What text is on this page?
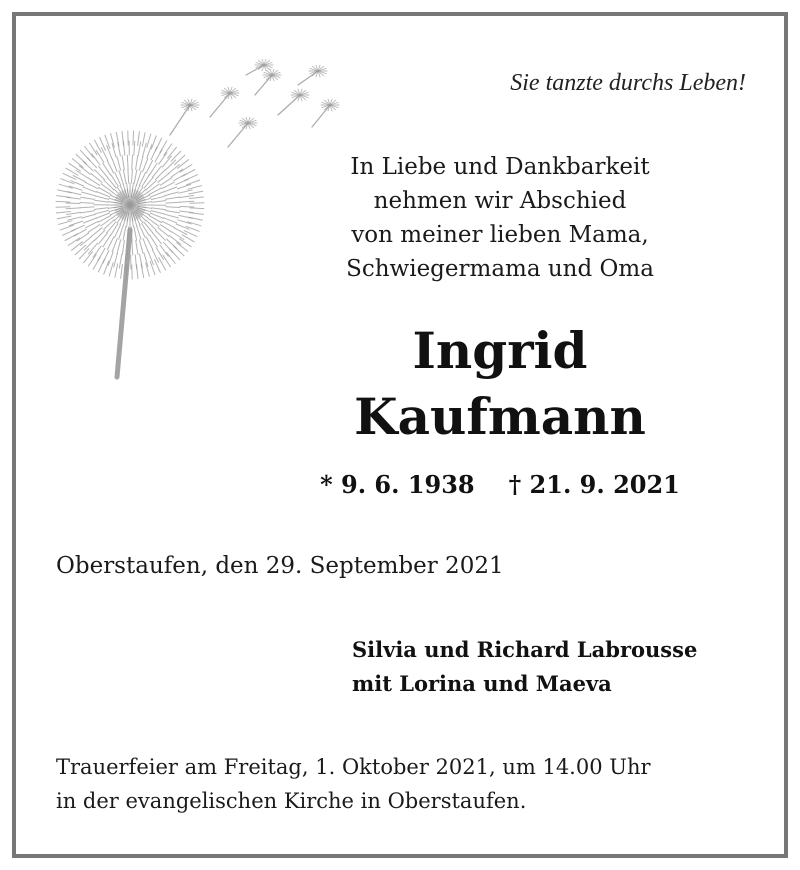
Sie tanzte durchs Leben!
In Liebe und Dankbarkeit
nehmen wir Abschied
von meiner lieben Mama,
Schwiegermama und Oma
Ingrid
Kaufmann
* 9. 6. 1938 † 21. 9. 2021
Oberstaufen, den 29. September 2021
Silvia und Richard Labrousse
mit Lorina und Maeva
Trauerfeier am Freitag, 1. Oktober 2021, um 14.00 Uhr
in der evangelischen Kirche in Oberstaufen.
